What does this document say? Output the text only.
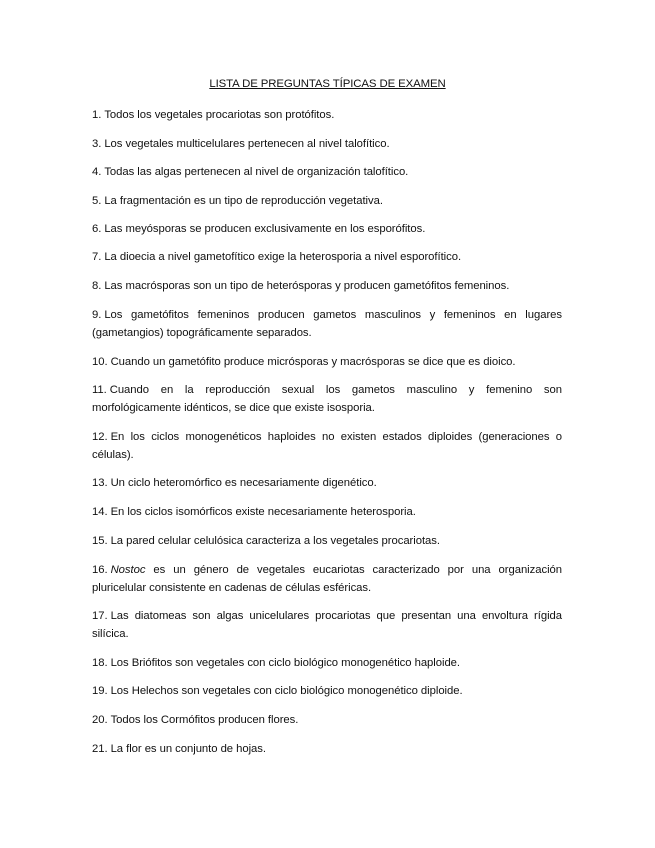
LISTA DE PREGUNTAS TÍPICAS DE EXAMEN
1. Todos los vegetales procariotas son protófitos.
3. Los vegetales multicelulares pertenecen al nivel talofítico.
4. Todas las algas pertenecen al nivel de organización talofítico.
5. La fragmentación es un tipo de reproducción vegetativa.
6. Las meyósporas se producen exclusivamente en los esporófitos.
7. La dioecia a nivel gametofítico exige la heterosporia a nivel esporofítico.
8. Las macrósporas son un tipo de heterósporas y producen gametófitos femeninos.
9. Los gametófitos femeninos producen gametos masculinos y femeninos en lugares (gametangios) topográficamente separados.
10. Cuando un gametófito produce micrósporas y macrósporas se dice que es dioico.
11. Cuando en la reproducción sexual los gametos masculino y femenino son morfológicamente idénticos, se dice que existe isosporia.
12. En los ciclos monogenéticos haploides no existen estados diploides (generaciones o células).
13. Un ciclo heteromórfico es necesariamente digenético.
14. En los ciclos isomórficos existe necesariamente heterosporia.
15. La pared celular celulósica caracteriza a los vegetales procariotas.
16. Nostoc es un género de vegetales eucariotas caracterizado por una organización pluricelular consistente en cadenas de células esféricas.
17. Las diatomeas son algas unicelulares procariotas que presentan una envoltura rígida silícica.
18. Los Briófitos son vegetales con ciclo biológico monogenético haploide.
19. Los Helechos son vegetales con ciclo biológico monogenético diploide.
20. Todos los Cormófitos producen flores.
21. La flor es un conjunto de hojas.
